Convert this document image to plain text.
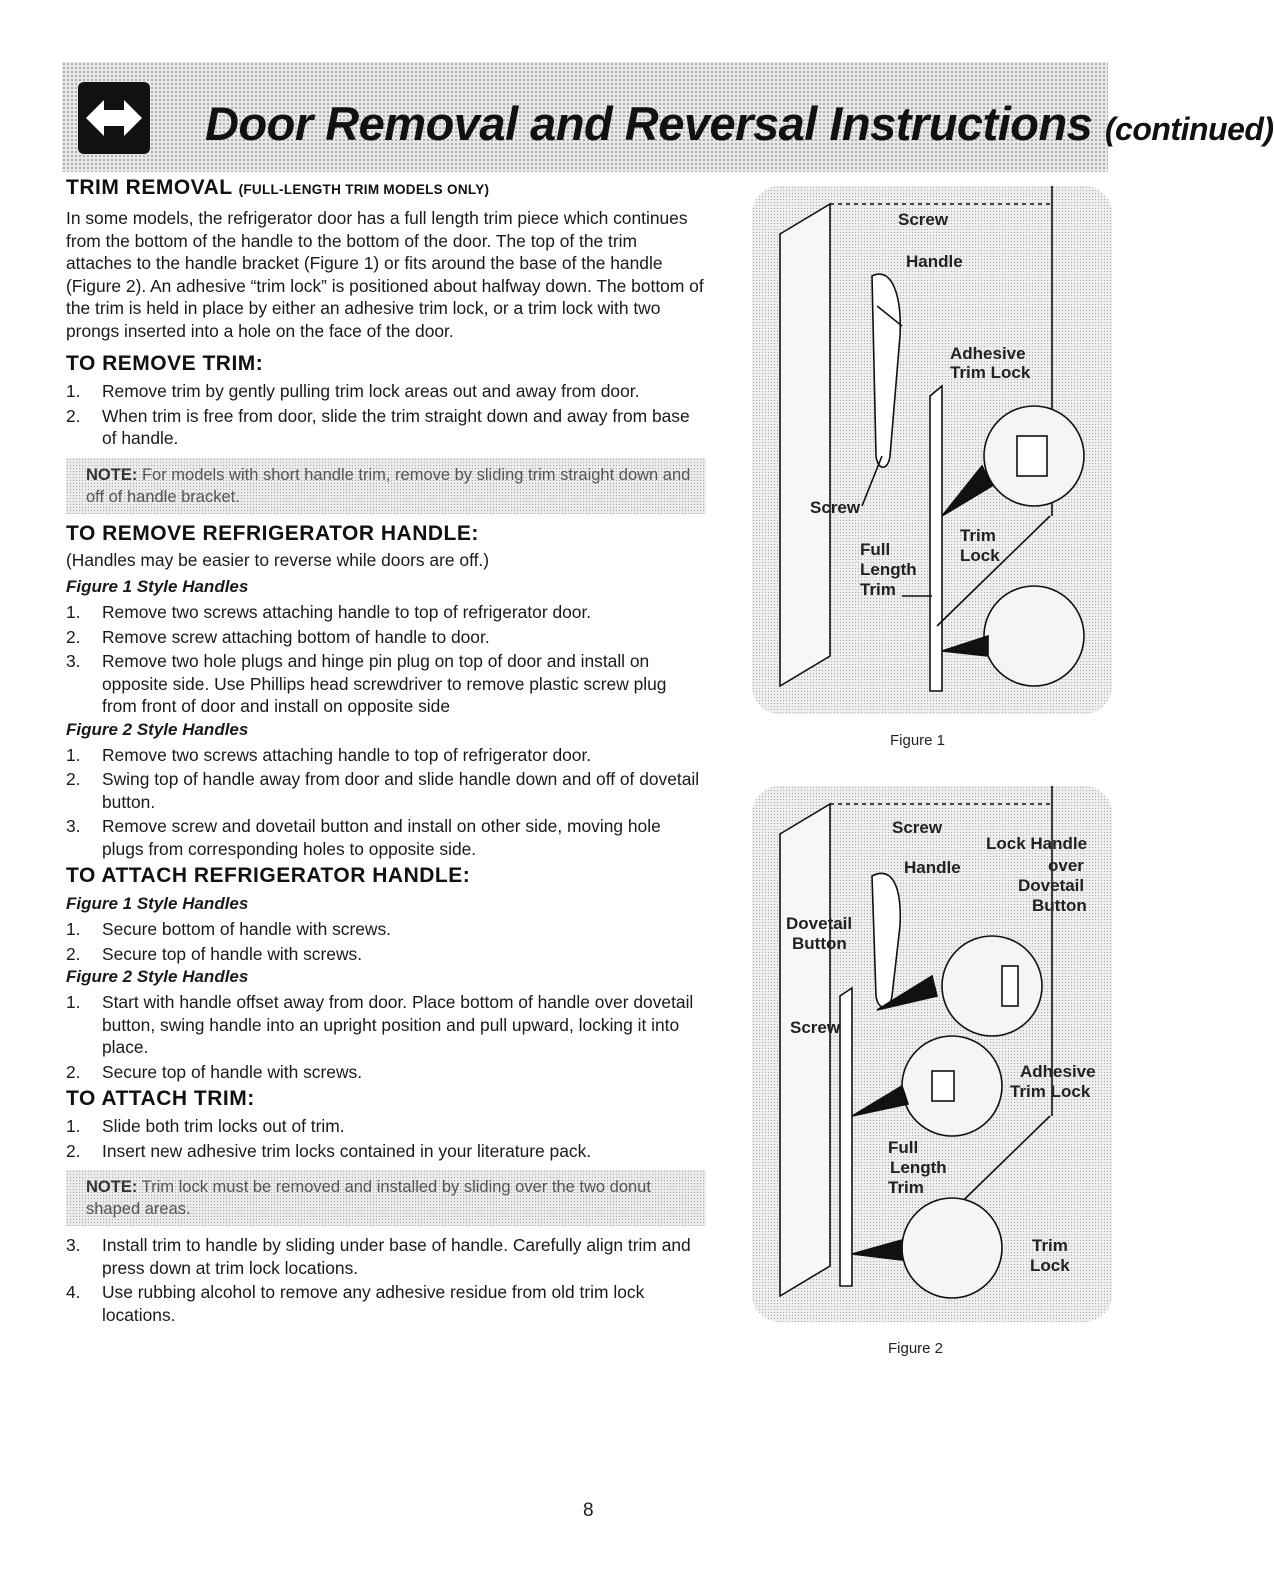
Door Removal and Reversal Instructions (continued)
TRIM REMOVAL (FULL-LENGTH TRIM MODELS ONLY)

In some models, the refrigerator door has a full length trim piece which continues from the bottom of the handle to the bottom of the door. The top of the trim attaches to the handle bracket (Figure 1) or fits around the base of the handle (Figure 2). An adhesive “trim lock” is positioned about halfway down. The bottom of the trim is held in place by either an adhesive trim lock, or a trim lock with two prongs inserted into a hole on the face of the door.

TO REMOVE TRIM:
1. Remove trim by gently pulling trim lock areas out and away from door.
2. When trim is free from door, slide the trim straight down and away from base of handle.
NOTE: For models with short handle trim, remove by sliding trim straight down and off of handle bracket.
TO REMOVE REFRIGERATOR HANDLE:

(Handles may be easier to reverse while doors are off.)

Figure 1 Style Handles
1. Remove two screws attaching handle to top of refrigerator door.
2. Remove screw attaching bottom of handle to door.
3. Remove two hole plugs and hinge pin plug on top of door and install on opposite side. Use Phillips head screwdriver to remove plastic screw plug from front of door and install on opposite side
Figure 2 Style Handles
1. Remove two screws attaching handle to top of refrigerator door.
2. Swing top of handle away from door and slide handle down and off of dovetail button.
3. Remove screw and dovetail button and install on other side, moving hole plugs from corresponding holes to opposite side.
TO ATTACH REFRIGERATOR HANDLE:
Figure 1 Style Handles
1. Secure bottom of handle with screws.
2. Secure top of handle with screws.
Figure 2 Style Handles
1. Start with handle offset away from door. Place bottom of handle over dovetail button, swing handle into an upright position and pull upward, locking it into place.
2. Secure top of handle with screws.
TO ATTACH TRIM:
1. Slide both trim locks out of trim.
2. Insert new adhesive trim locks contained in your literature pack.
NOTE: Trim lock must be removed and installed by sliding over the two donut shaped areas.
3. Install trim to handle by sliding under base of handle. Carefully align trim and press down at trim lock locations.
4. Use rubbing alcohol to remove any adhesive residue from old trim lock locations.
Screw
Handle
Adhesive
Trim Lock
Screw
Trim
Lock
Full
Length
Trim
Figure 1
Screw
Handle
Lock Handle
over
Dovetail
Button
Dovetail
Button
Screw
Adhesive
Trim Lock
Full
Length
Trim
Trim
Lock
Figure 2
8
